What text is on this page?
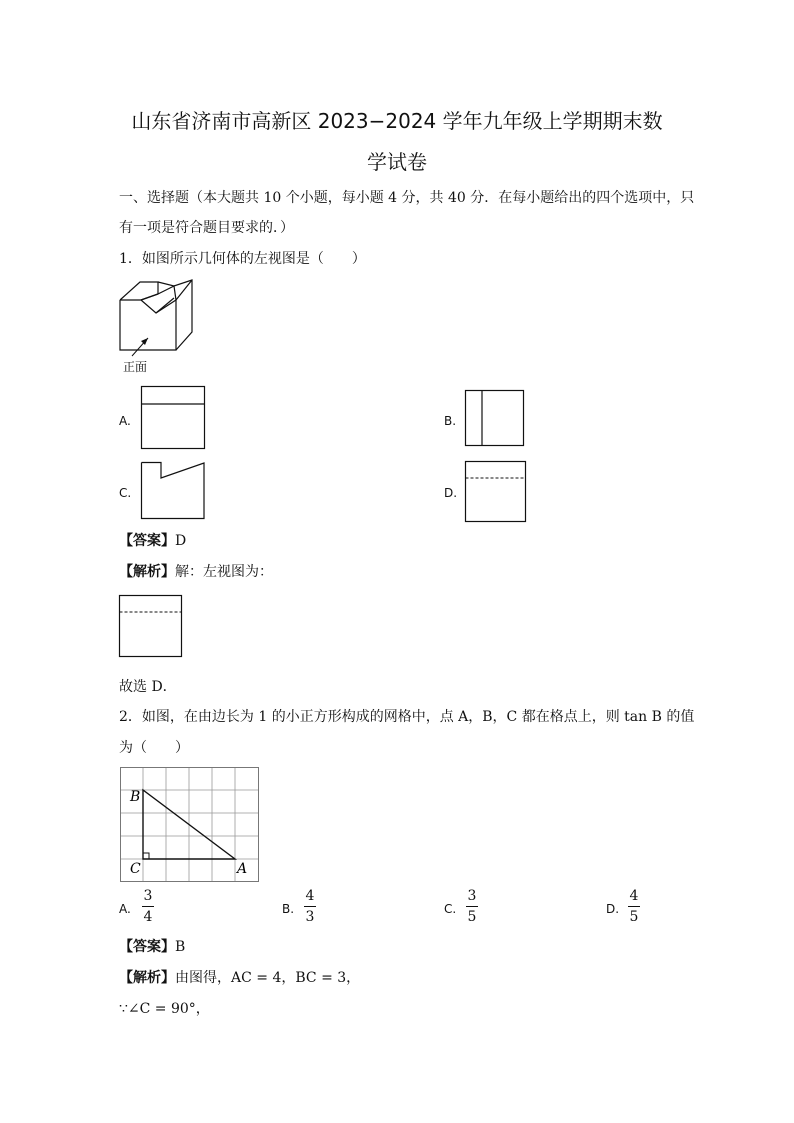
山东省济南市高新区 2023−2024 学年九年级上学期期末数
学试卷
一、选择题（本大题共 10 个小题，每小题 4 分，共 40 分．在每小题给出的四个选项中，只
有一项是符合题目要求的．）
1．如图所示几何体的左视图是（　　）
正面
A.	B.
C.	D.
【答案】D
【解析】解：左视图为：
故选 D．
2．如图，在由边长为 1 的小正方形构成的网格中，点 A，B，C 都在格点上，则 tan B 的值
为（　　）
B
C	A
A.
3
4	B.
4
3	C.
3
5	D.
4
5
【答案】B
【解析】由图得，AC = 4，BC = 3，
∵∠C = 90°，
